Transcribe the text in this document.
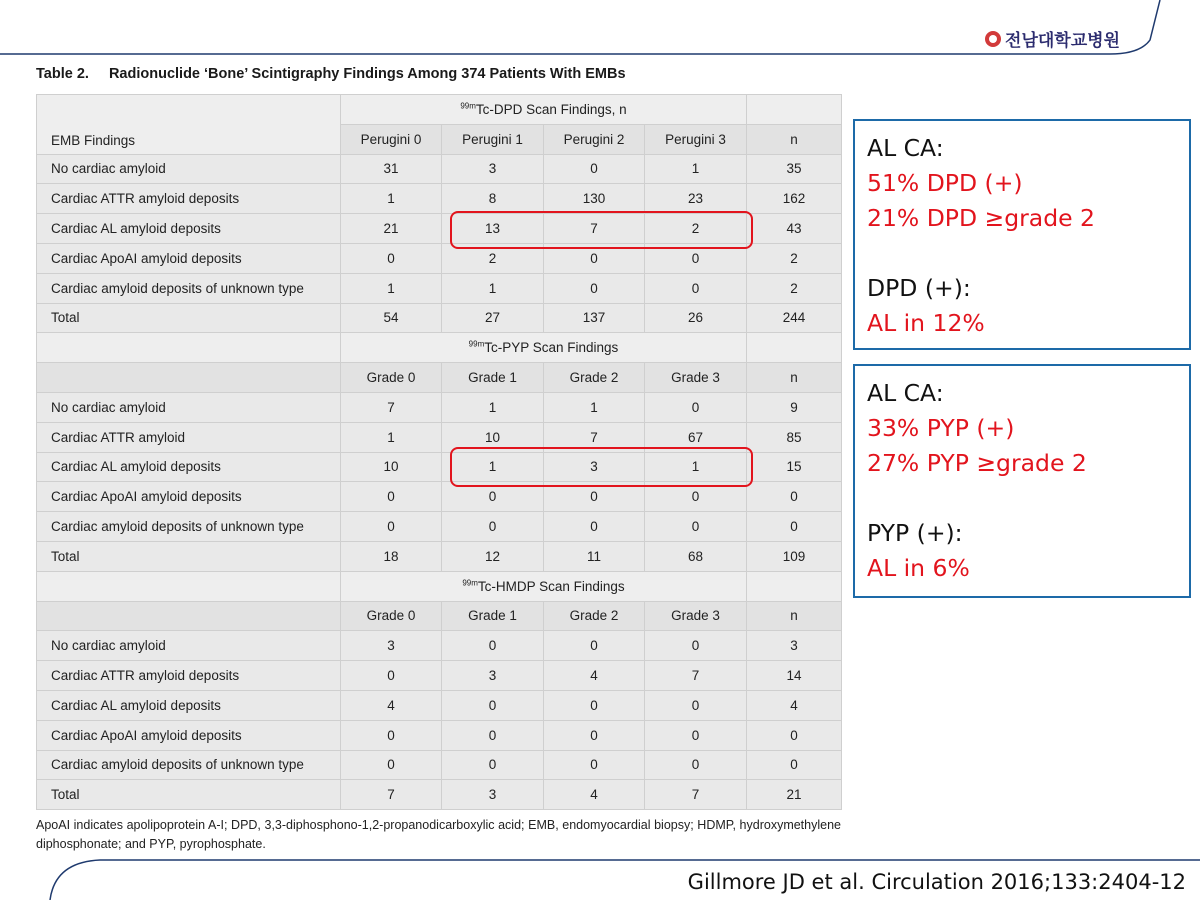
전남대학교병원
Table 2. Radionuclide ‘Bone’ Scintigraphy Findings Among 374 Patients With EMBs
EMB Findings	$^{99m}$Tc-DPD Scan Findings, n				
	Perugini 0	Perugini 1	Perugini 2	Perugini 3	n
No cardiac amyloid	31	3	0	1	35
Cardiac ATTR amyloid deposits	1	8	130	23	162
Cardiac AL amyloid deposits	21	13	7	2	43
Cardiac ApoAI amyloid deposits	0	2	0	0	2
Cardiac amyloid deposits of unknown type	1	1	0	0	2
Total	54	27	137	26	244
	$^{99m}$Tc-PYP Scan Findings				
	Grade 0	Grade 1	Grade 2	Grade 3	n
No cardiac amyloid	7	1	1	0	9
Cardiac ATTR amyloid	1	10	7	67	85
Cardiac AL amyloid deposits	10	1	3	1	15
Cardiac ApoAI amyloid deposits	0	0	0	0	0
Cardiac amyloid deposits of unknown type	0	0	0	0	0
Total	18	12	11	68	109
	$^{99m}$Tc-HMDP Scan Findings				
	Grade 0	Grade 1	Grade 2	Grade 3	n
No cardiac amyloid	3	0	0	0	3
Cardiac ATTR amyloid deposits	0	3	4	7	14
Cardiac AL amyloid deposits	4	0	0	0	4
Cardiac ApoAI amyloid deposits	0	0	0	0	0
Cardiac amyloid deposits of unknown type	0	0	0	0	0
Total	7	3	4	7	21
ApoAI indicates apolipoprotein A-I; DPD, 3,3-diphosphono-1,2-propanodicarboxylic acid; EMB, endomyocardial biopsy; HDMP, hydroxymethylene diphosphonate; and PYP, pyrophosphate.
AL CA:
51% DPD (+)
21% DPD ≥grade 2
DPD (+):
AL in 12%
AL CA:
33% PYP (+)
27% PYP ≥grade 2
PYP (+):
AL in 6%
Gillmore JD et al. Circulation 2016;133:2404-12
